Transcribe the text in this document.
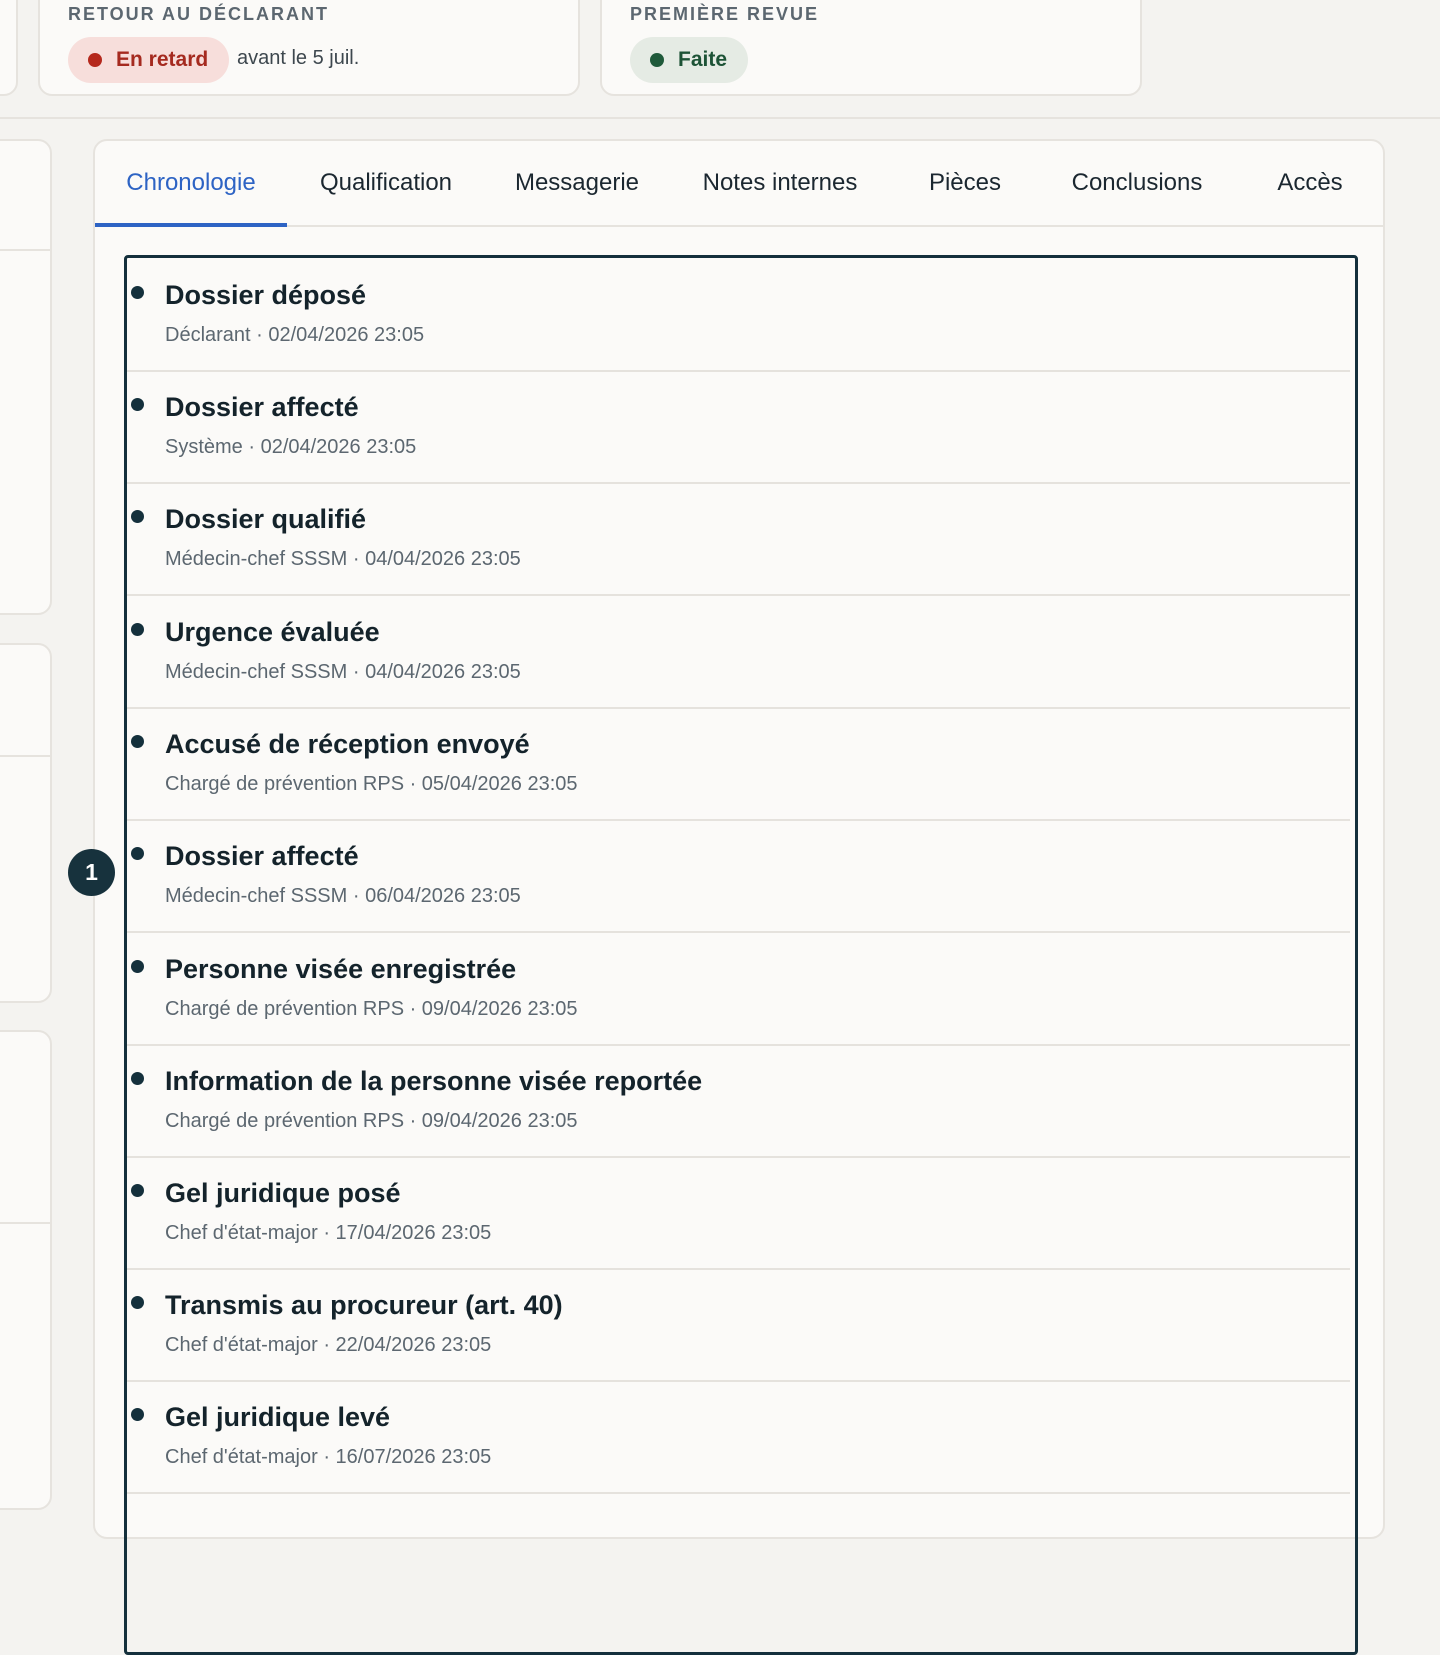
RETOUR AU DÉCLARANT
En retard avant le 5 juil.
PREMIÈRE REVUE
Faite
Chronologie	Qualification	Messagerie	Notes internes	Pièces	Conclusions	Accès
Dossier déposé
Déclarant · 02/04/2026 23:05
Dossier affecté
Système · 02/04/2026 23:05
Dossier qualifié
Médecin-chef SSSM · 04/04/2026 23:05
Urgence évaluée
Médecin-chef SSSM · 04/04/2026 23:05
Accusé de réception envoyé
Chargé de prévention RPS · 05/04/2026 23:05
Dossier affecté
Médecin-chef SSSM · 06/04/2026 23:05
Personne visée enregistrée
Chargé de prévention RPS · 09/04/2026 23:05
Information de la personne visée reportée
Chargé de prévention RPS · 09/04/2026 23:05
Gel juridique posé
Chef d'état-major · 17/04/2026 23:05
Transmis au procureur (art. 40)
Chef d'état-major · 22/04/2026 23:05
Gel juridique levé
Chef d'état-major · 16/07/2026 23:05
1
